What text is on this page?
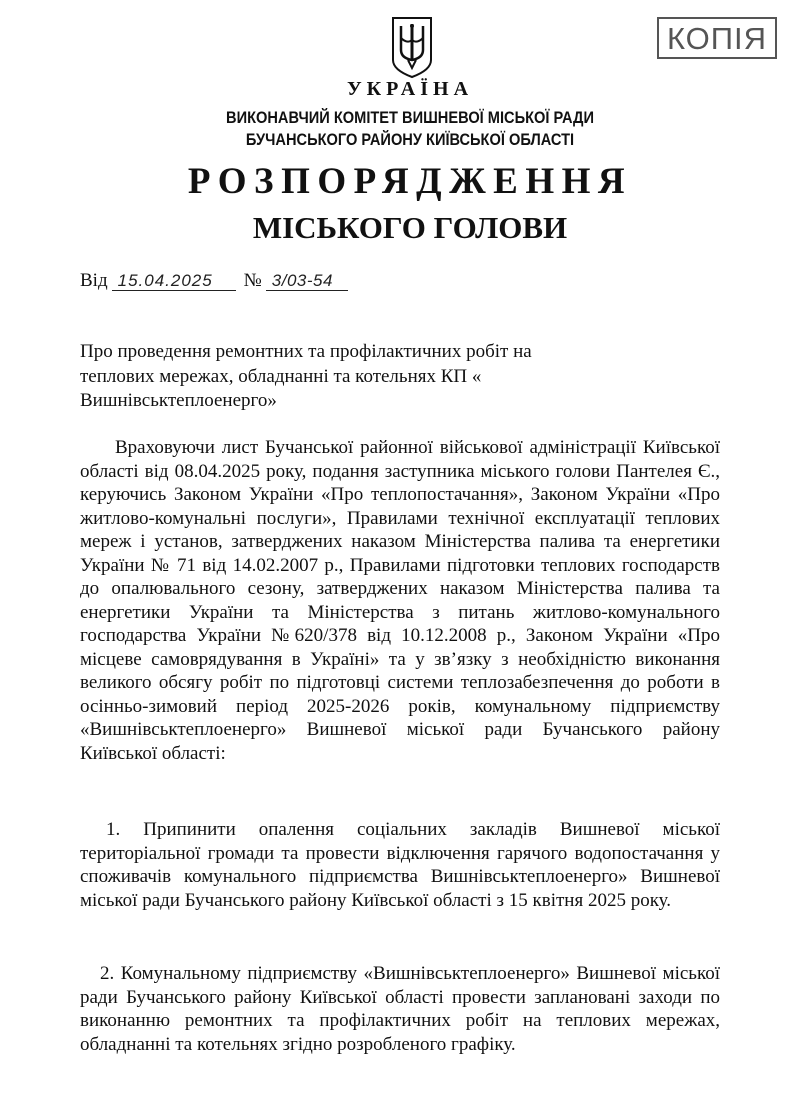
КОПІЯ
УКРАЇНА
ВИКОНАВЧИЙ КОМІТЕТ ВИШНЕВОЇ МІСЬКОЇ РАДИ
БУЧАНСЬКОГО РАЙОНУ КИЇВСЬКОЇ ОБЛАСТІ
РОЗПОРЯДЖЕННЯ
МІСЬКОГО ГОЛОВИ
Від 15.04.2025	№ 3/03-54
Про проведення ремонтних та профілактичних робіт на теплових мережах, обладнанні та котельнях КП « Вишнівськтеплоенерго»
Враховуючи лист Бучанської районної військової адміністрації Київської області від 08.04.2025 року, подання заступника міського голови Пантелея Є., керуючись Законом України «Про теплопостачання», Законом України «Про житлово-комунальні послуги», Правилами технічної експлуатації теплових мереж і установ, затверджених наказом Міністерства палива та енергетики України № 71 від 14.02.2007 р., Правилами підготовки теплових господарств до опалювального сезону, затверджених наказом Міністерства палива та енергетики України та Міністерства з питань житлово-комунального господарства України №620/378 від 10.12.2008 р., Законом України «Про місцеве самоврядування в Україні» та у зв’язку з необхідністю виконання великого обсягу робіт по підготовці системи теплозабезпечення до роботи в осінньо-зимовий період 2025-2026 років, комунальному підприємству «Вишнівськтеплоенерго» Вишневої міської ради Бучанського району Київської області:
1. Припинити опалення соціальних закладів Вишневої міської територіальної громади та провести відключення гарячого водопостачання у споживачів комунального підприємства Вишнівськтеплоенерго» Вишневої міської ради Бучанського району Київської області з 15 квітня 2025 року.
2. Комунальному підприємству «Вишнівськтеплоенерго» Вишневої міської ради Бучанського району Київської області провести заплановані заходи по виконанню ремонтних та профілактичних робіт на теплових мережах, обладнанні та котельнях згідно розробленого графіку.
